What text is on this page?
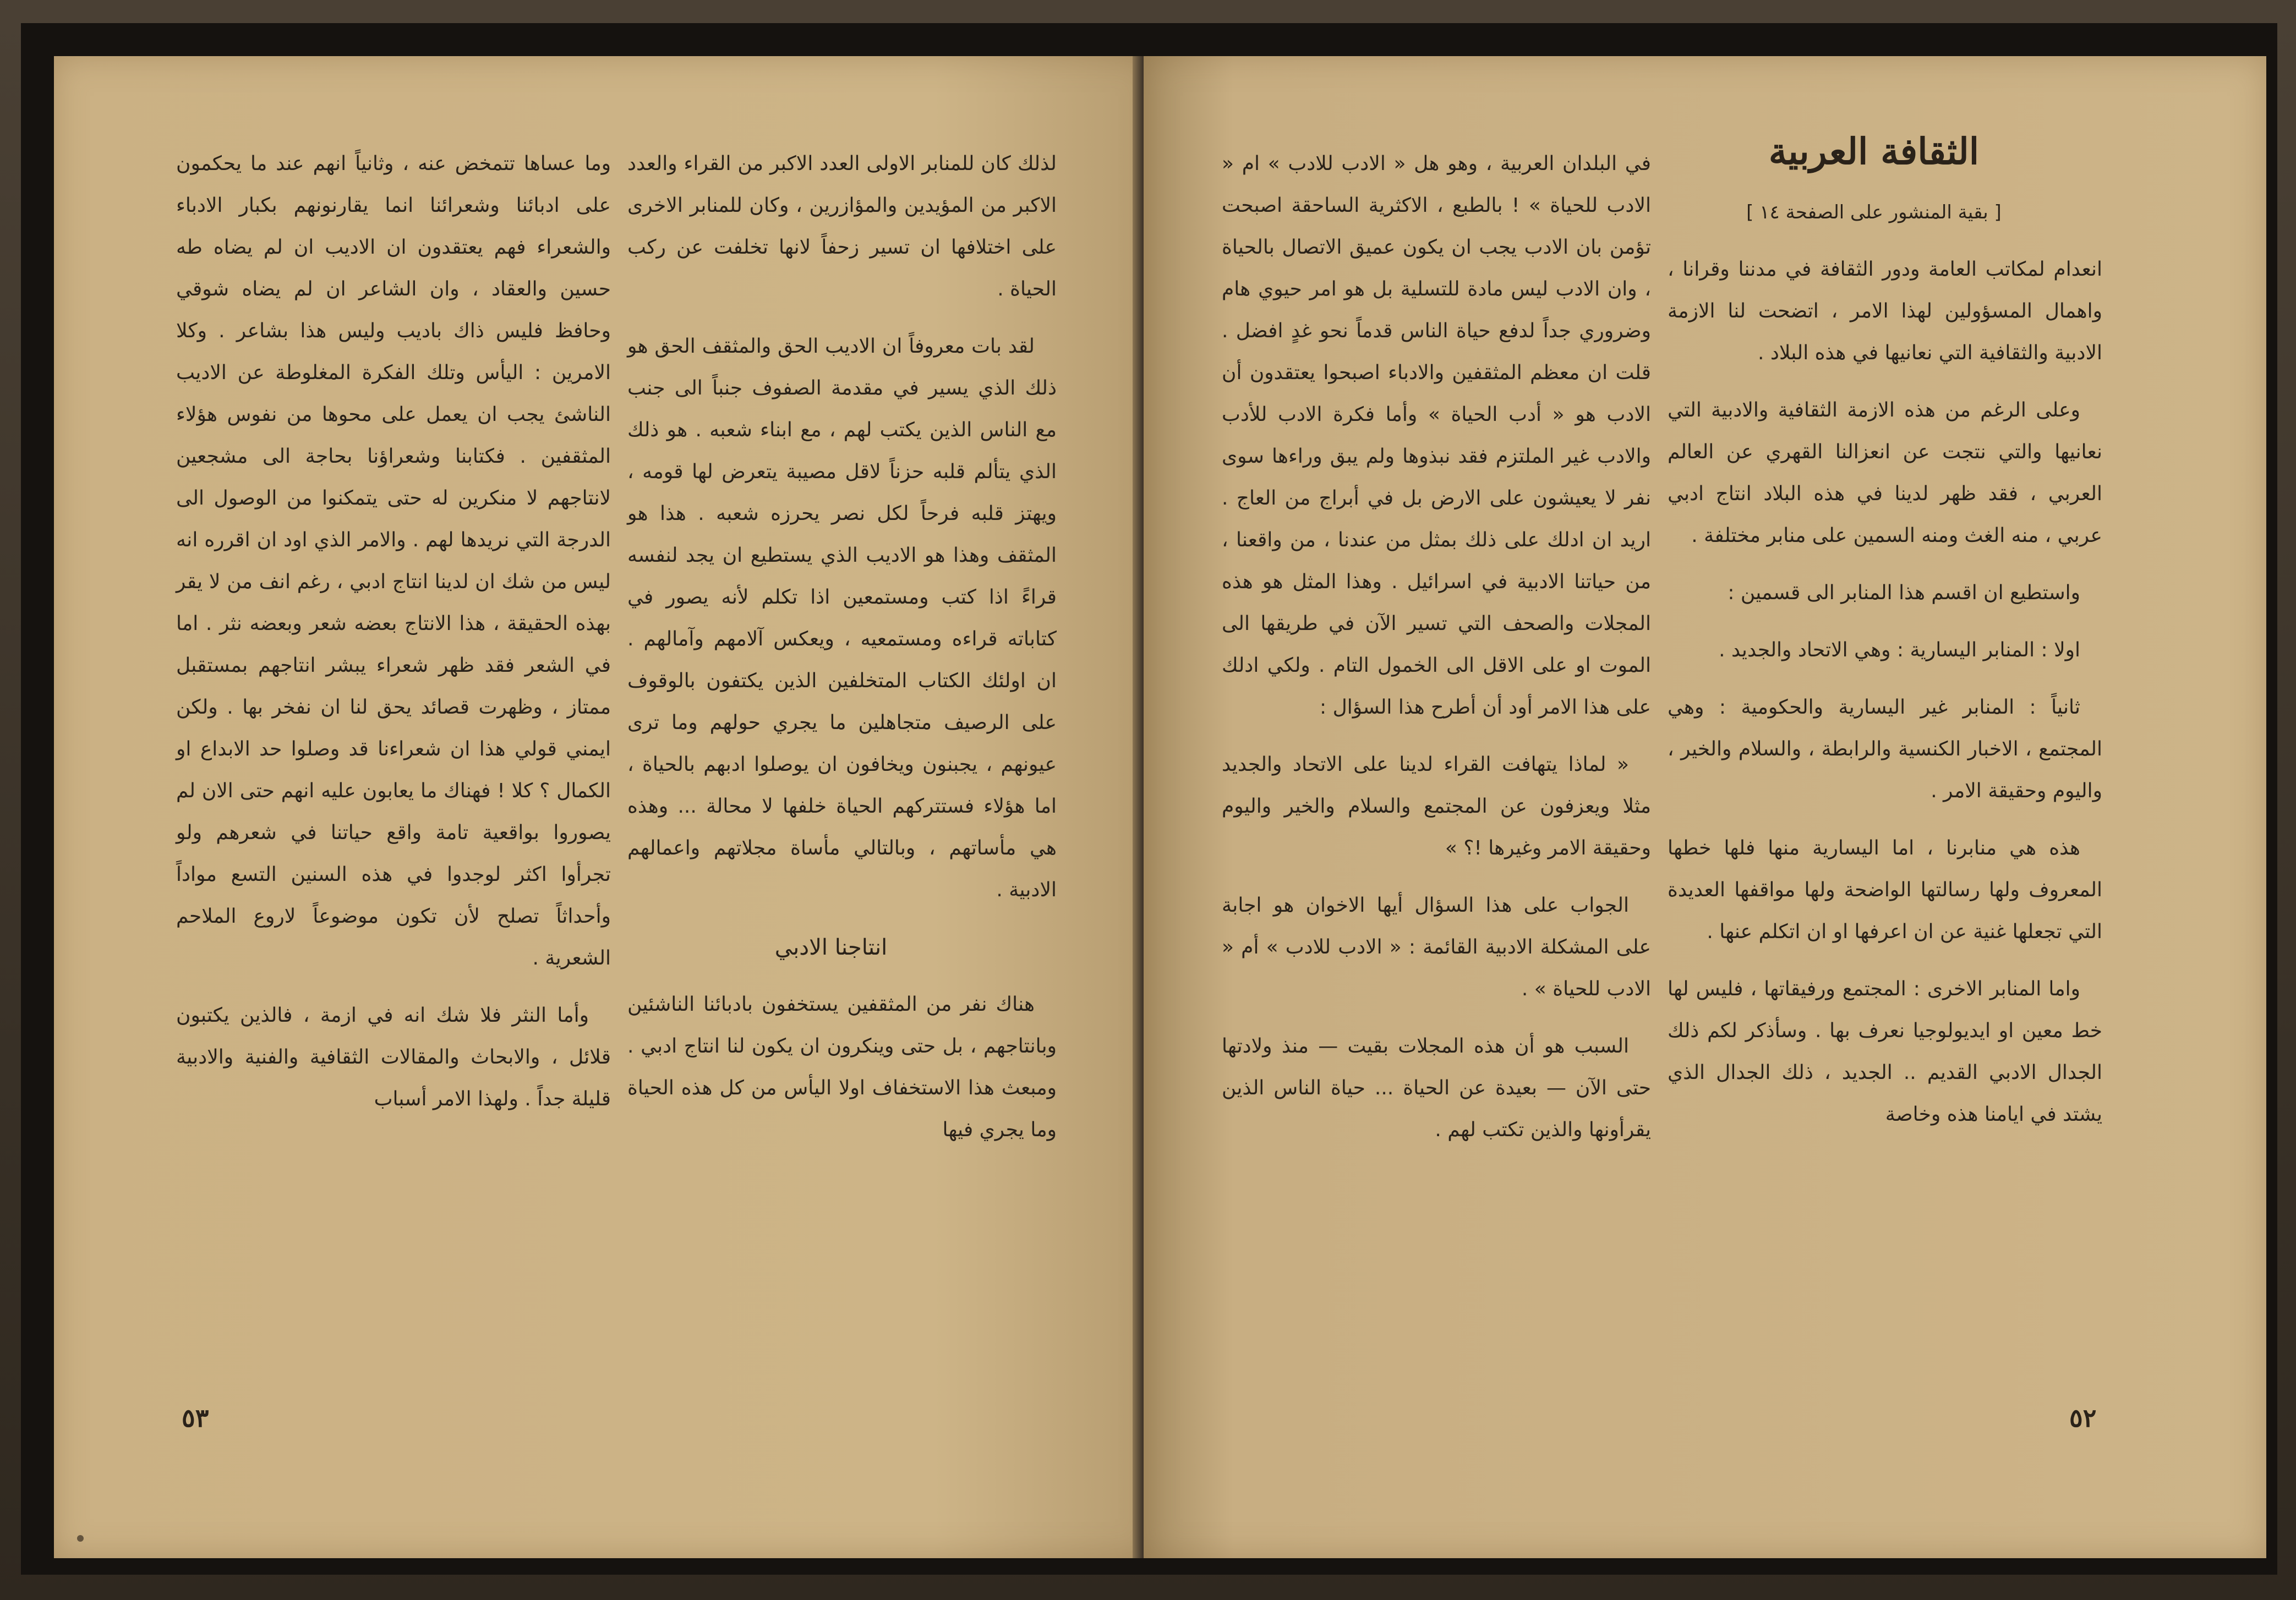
الثقافة العربية

[ بقية المنشور على الصفحة ١٤ ]

انعدام لمكاتب العامة ودور الثقافة في مدننا وقرانا ، واهمال المسؤولين لهذا الامر ، اتضحت لنا الازمة الادبية والثقافية التي نعانيها في هذه البلاد .

وعلى الرغم من هذه الازمة الثقافية والادبية التي نعانيها والتي نتجت عن انعزالنا القهري عن العالم العربي ، فقد ظهر لدينا في هذه البلاد انتاج ادبي عربي ، منه الغث ومنه السمين على منابر مختلفة .

واستطيع ان اقسم هذا المنابر الى قسمين :

اولا : المنابر اليسارية : وهي الاتحاد والجديد .

ثانياً : المنابر غير اليسارية والحكومية : وهي المجتمع ، الاخبار الكنسية والرابطة ، والسلام والخير ، واليوم وحقيقة الامر .

هذه هي منابرنا ، اما اليسارية منها فلها خطها المعروف ولها رسالتها الواضحة ولها مواقفها العديدة التي تجعلها غنية عن ان اعرفها او ان اتكلم عنها .

واما المنابر الاخرى : المجتمع ورفيقاتها ، فليس لها خط معين او ايديولوجيا نعرف بها . وسأذكر لكم ذلك الجدال الادبي القديم .. الجديد ، ذلك الجدال الذي يشتد في ايامنا هذه وخاصة

في البلدان العربية ، وهو هل « الادب للادب » ام « الادب للحياة » ! بالطبع ، الاكثرية الساحقة اصبحت تؤمن بان الادب يجب ان يكون عميق الاتصال بالحياة ، وان الادب ليس مادة للتسلية بل هو امر حيوي هام وضروري جداً لدفع حياة الناس قدماً نحو غدٍ افضل . قلت ان معظم المثقفين والادباء اصبحوا يعتقدون أن الادب هو « أدب الحياة » وأما فكرة الادب للأدب والادب غير الملتزم فقد نبذوها ولم يبق وراءها سوى نفر لا يعيشون على الارض بل في أبراج من العاج . اريد ان ادلك على ذلك بمثل من عندنا ، من واقعنا ، من حياتنا الادبية في اسرائيل . وهذا المثل هو هذه المجلات والصحف التي تسير الآن في طريقها الى الموت او على الاقل الى الخمول التام . ولكي ادلك على هذا الامر أود أن أطرح هذا السؤال :

« لماذا يتهافت القراء لدينا على الاتحاد والجديد مثلا ويعزفون عن المجتمع والسلام والخير واليوم وحقيقة الامر وغيرها !؟ »

الجواب على هذا السؤال أيها الاخوان هو اجابة على المشكلة الادبية القائمة : « الادب للادب » أم « الادب للحياة » .

السبب هو أن هذه المجلات بقيت — منذ ولادتها حتى الآن — بعيدة عن الحياة ... حياة الناس الذين يقرأونها والذين تكتب لهم .

لذلك كان للمنابر الاولى العدد الاكبر من القراء والعدد الاكبر من المؤيدين والمؤازرين ، وكان للمنابر الاخرى على اختلافها ان تسير زحفاً لانها تخلفت عن ركب الحياة .

لقد بات معروفاً ان الاديب الحق والمثقف الحق هو ذلك الذي يسير في مقدمة الصفوف جنباً الى جنب مع الناس الذين يكتب لهم ، مع ابناء شعبه . هو ذلك الذي يتألم قلبه حزناً لاقل مصيبة يتعرض لها قومه ، ويهتز قلبه فرحاً لكل نصر يحرزه شعبه . هذا هو المثقف وهذا هو الاديب الذي يستطيع ان يجد لنفسه قراءً اذا كتب ومستمعين اذا تكلم لأنه يصور في كتاباته قراءه ومستمعيه ، ويعكس آلامهم وآمالهم . ان اولئك الكتاب المتخلفين الذين يكتفون بالوقوف على الرصيف متجاهلين ما يجري حولهم وما ترى عيونهم ، يجبنون ويخافون ان يوصلوا ادبهم بالحياة ، اما هؤلاء فستتركهم الحياة خلفها لا محالة ... وهذه هي مأساتهم ، وبالتالي مأساة مجلاتهم واعمالهم الادبية .

انتاجنا الادبي

هناك نفر من المثقفين يستخفون بادبائنا الناشئين وبانتاجهم ، بل حتى وينكرون ان يكون لنا انتاج ادبي . ومبعث هذا الاستخفاف اولا اليأس من كل هذه الحياة وما يجري فيها

وما عساها تتمخض عنه ، وثانياً انهم عند ما يحكمون على ادبائنا وشعرائنا انما يقارنونهم بكبار الادباء والشعراء فهم يعتقدون ان الاديب ان لم يضاه طه حسين والعقاد ، وان الشاعر ان لم يضاه شوقي وحافظ فليس ذاك باديب وليس هذا بشاعر . وكلا الامرين : اليأس وتلك الفكرة المغلوطة عن الاديب الناشئ يجب ان يعمل على محوها من نفوس هؤلاء المثقفين . فكتابنا وشعراؤنا بحاجة الى مشجعين لانتاجهم لا منكرين له حتى يتمكنوا من الوصول الى الدرجة التي نريدها لهم . والامر الذي اود ان اقرره انه ليس من شك ان لدينا انتاج ادبي ، رغم انف من لا يقر بهذه الحقيقة ، هذا الانتاج بعضه شعر وبعضه نثر . اما في الشعر فقد ظهر شعراء يبشر انتاجهم بمستقبل ممتاز ، وظهرت قصائد يحق لنا ان نفخر بها . ولكن ايمني قولي هذا ان شعراءنا قد وصلوا حد الابداع او الكمال ؟ كلا ! فهناك ما يعابون عليه انهم حتى الان لم يصوروا بواقعية تامة واقع حياتنا في شعرهم ولو تجرأوا اكثر لوجدوا في هذه السنين التسع مواداً وأحداثاً تصلح لأن تكون موضوعاً لاروع الملاحم الشعرية .

وأما النثر فلا شك انه في ازمة ، فالذين يكتبون قلائل ، والابحاث والمقالات الثقافية والفنية والادبية قليلة جداً . ولهذا الامر أسباب

٥٣	٥٢
